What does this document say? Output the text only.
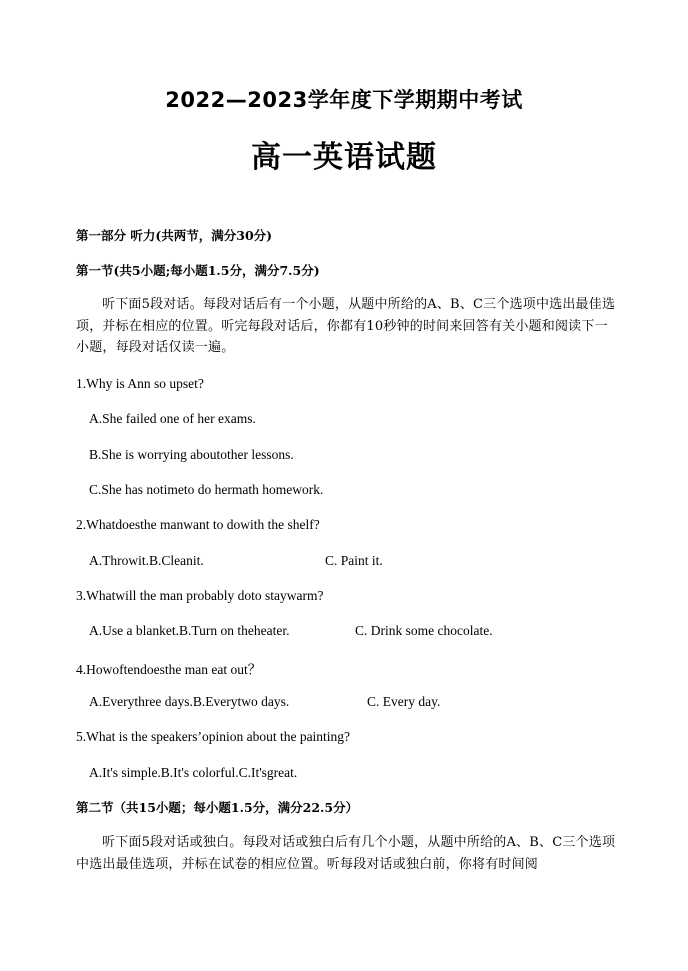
2022—2023学年度下学期期中考试
高一英语试题
第一部分 听力(共两节，满分30分)
第一节(共5小题;每小题1.5分，满分7.5分)
听下面5段对话。每段对话后有一个小题，从题中所给的A、B、C三个选项中选出最佳选项，并标在相应的位置。听完每段对话后，你都有10秒钟的时间来回答有关小题和阅读下一小题，每段对话仅读一遍。
1.Why is Ann so upset?
A.She failed one of her exams.
B.She is worrying aboutother lessons.
C.She has notimeto do hermath homework.
2.Whatdoesthe manwant to dowith the shelf?
A.Throwit.B.Cleanit.	C. Paint it.
3.Whatwill the man probably doto staywarm?
A.Use a blanket.B.Turn on theheater.	C. Drink some chocolate.
4.Howoftendoesthe man eat out？
A.Everythree days.B.Everytwo days.	C. Every day.
5.What is the speakers’opinion about the painting?
A.It's simple.B.It's colorful.C.It'sgreat.
第二节（共15小题；每小题1.5分，满分22.5分）
听下面5段对话或独白。每段对话或独白后有几个小题，从题中所给的A、B、C三个选项中选出最佳选项，并标在试卷的相应位置。听每段对话或独白前，你将有时间阅
